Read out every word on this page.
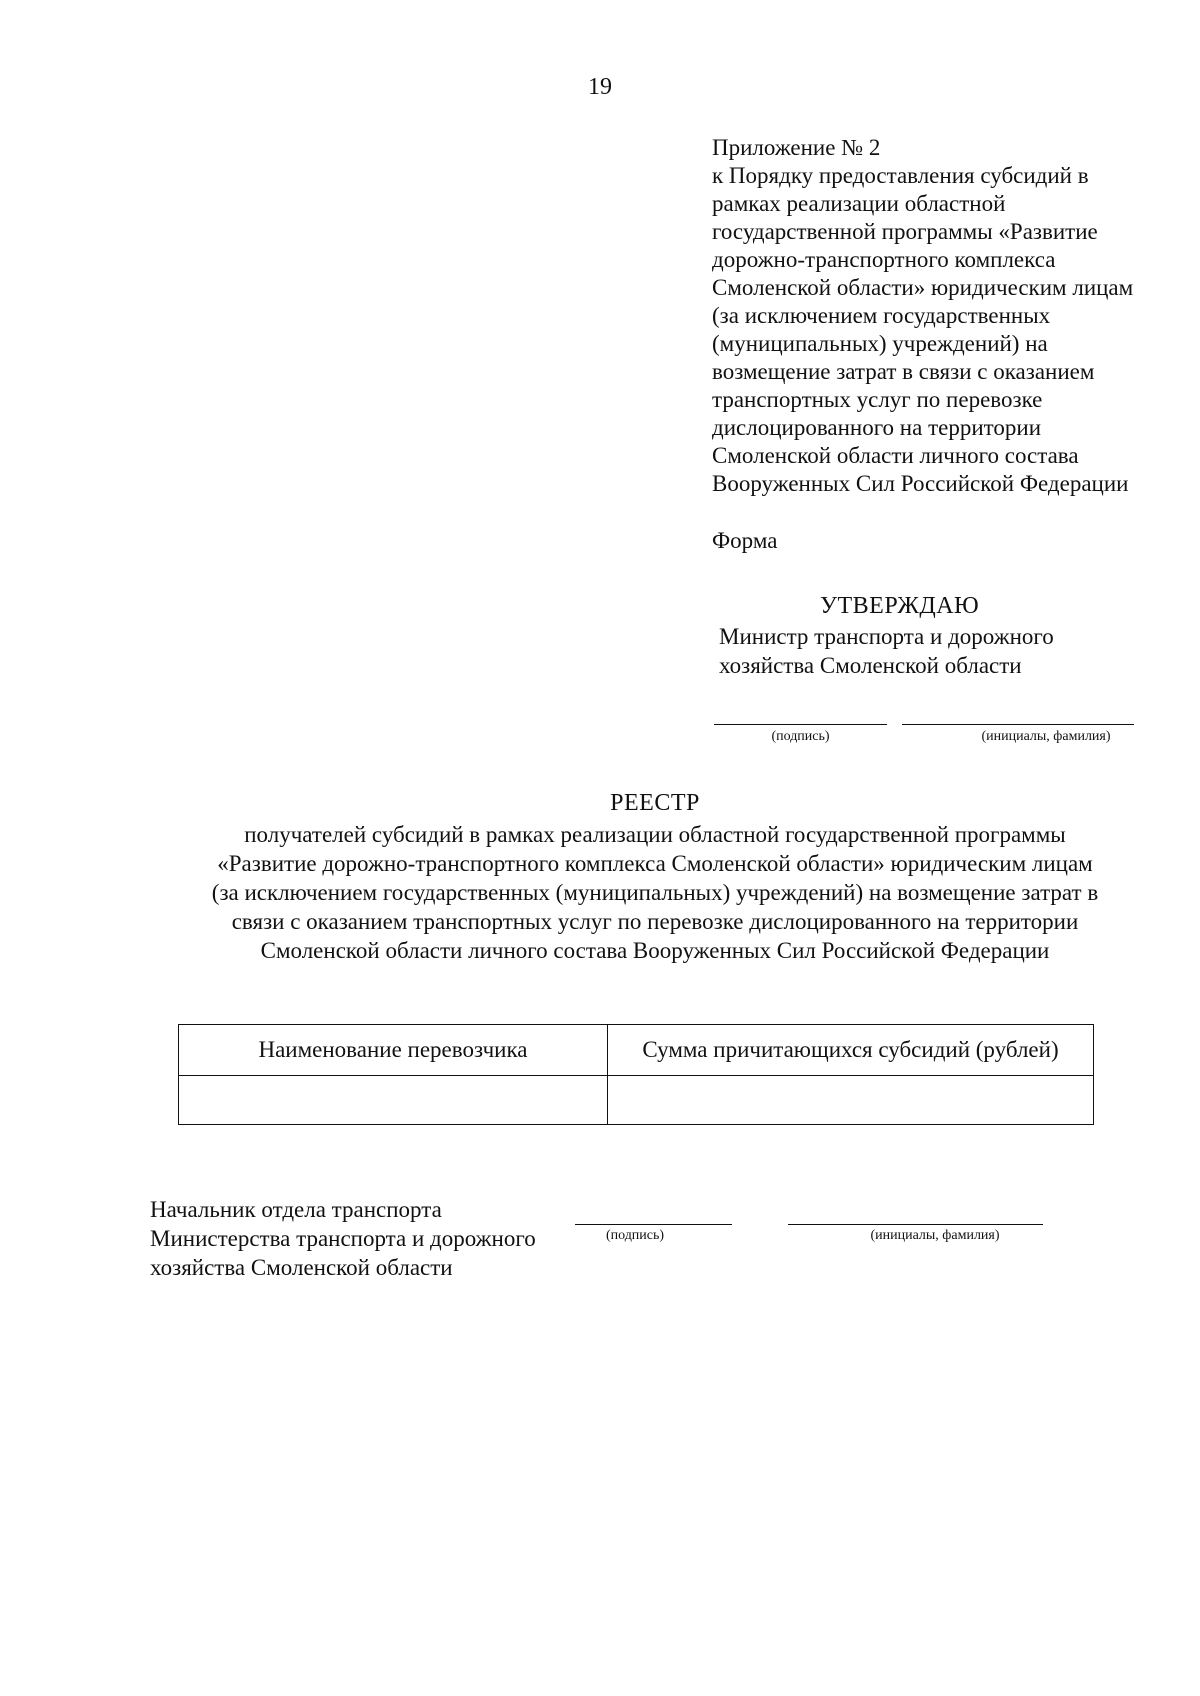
19
Приложение № 2
к Порядку предоставления субсидий в
рамках реализации областной
государственной программы «Развитие
дорожно-транспортного комплекса
Смоленской области» юридическим лицам
(за исключением государственных
(муниципальных) учреждений) на
возмещение затрат в связи с оказанием
транспортных услуг по перевозке
дислоцированного на территории
Смоленской области личного состава
Вооруженных Сил Российской Федерации
Форма
УТВЕРЖДАЮ
Министр транспорта и дорожного
хозяйства Смоленской области
(подпись)	(инициалы, фамилия)
РЕЕСТР
получателей субсидий в рамках реализации областной государственной программы
«Развитие дорожно-транспортного комплекса Смоленской области» юридическим лицам
(за исключением государственных (муниципальных) учреждений) на возмещение затрат в
связи с оказанием транспортных услуг по перевозке дислоцированного на территории
Смоленской области личного состава Вооруженных Сил Российской Федерации
Наименование перевозчика	Сумма причитающихся субсидий (рублей)

Начальник отдела транспорта
Министерства транспорта и дорожного
хозяйства Смоленской области
(подпись)	(инициалы, фамилия)
